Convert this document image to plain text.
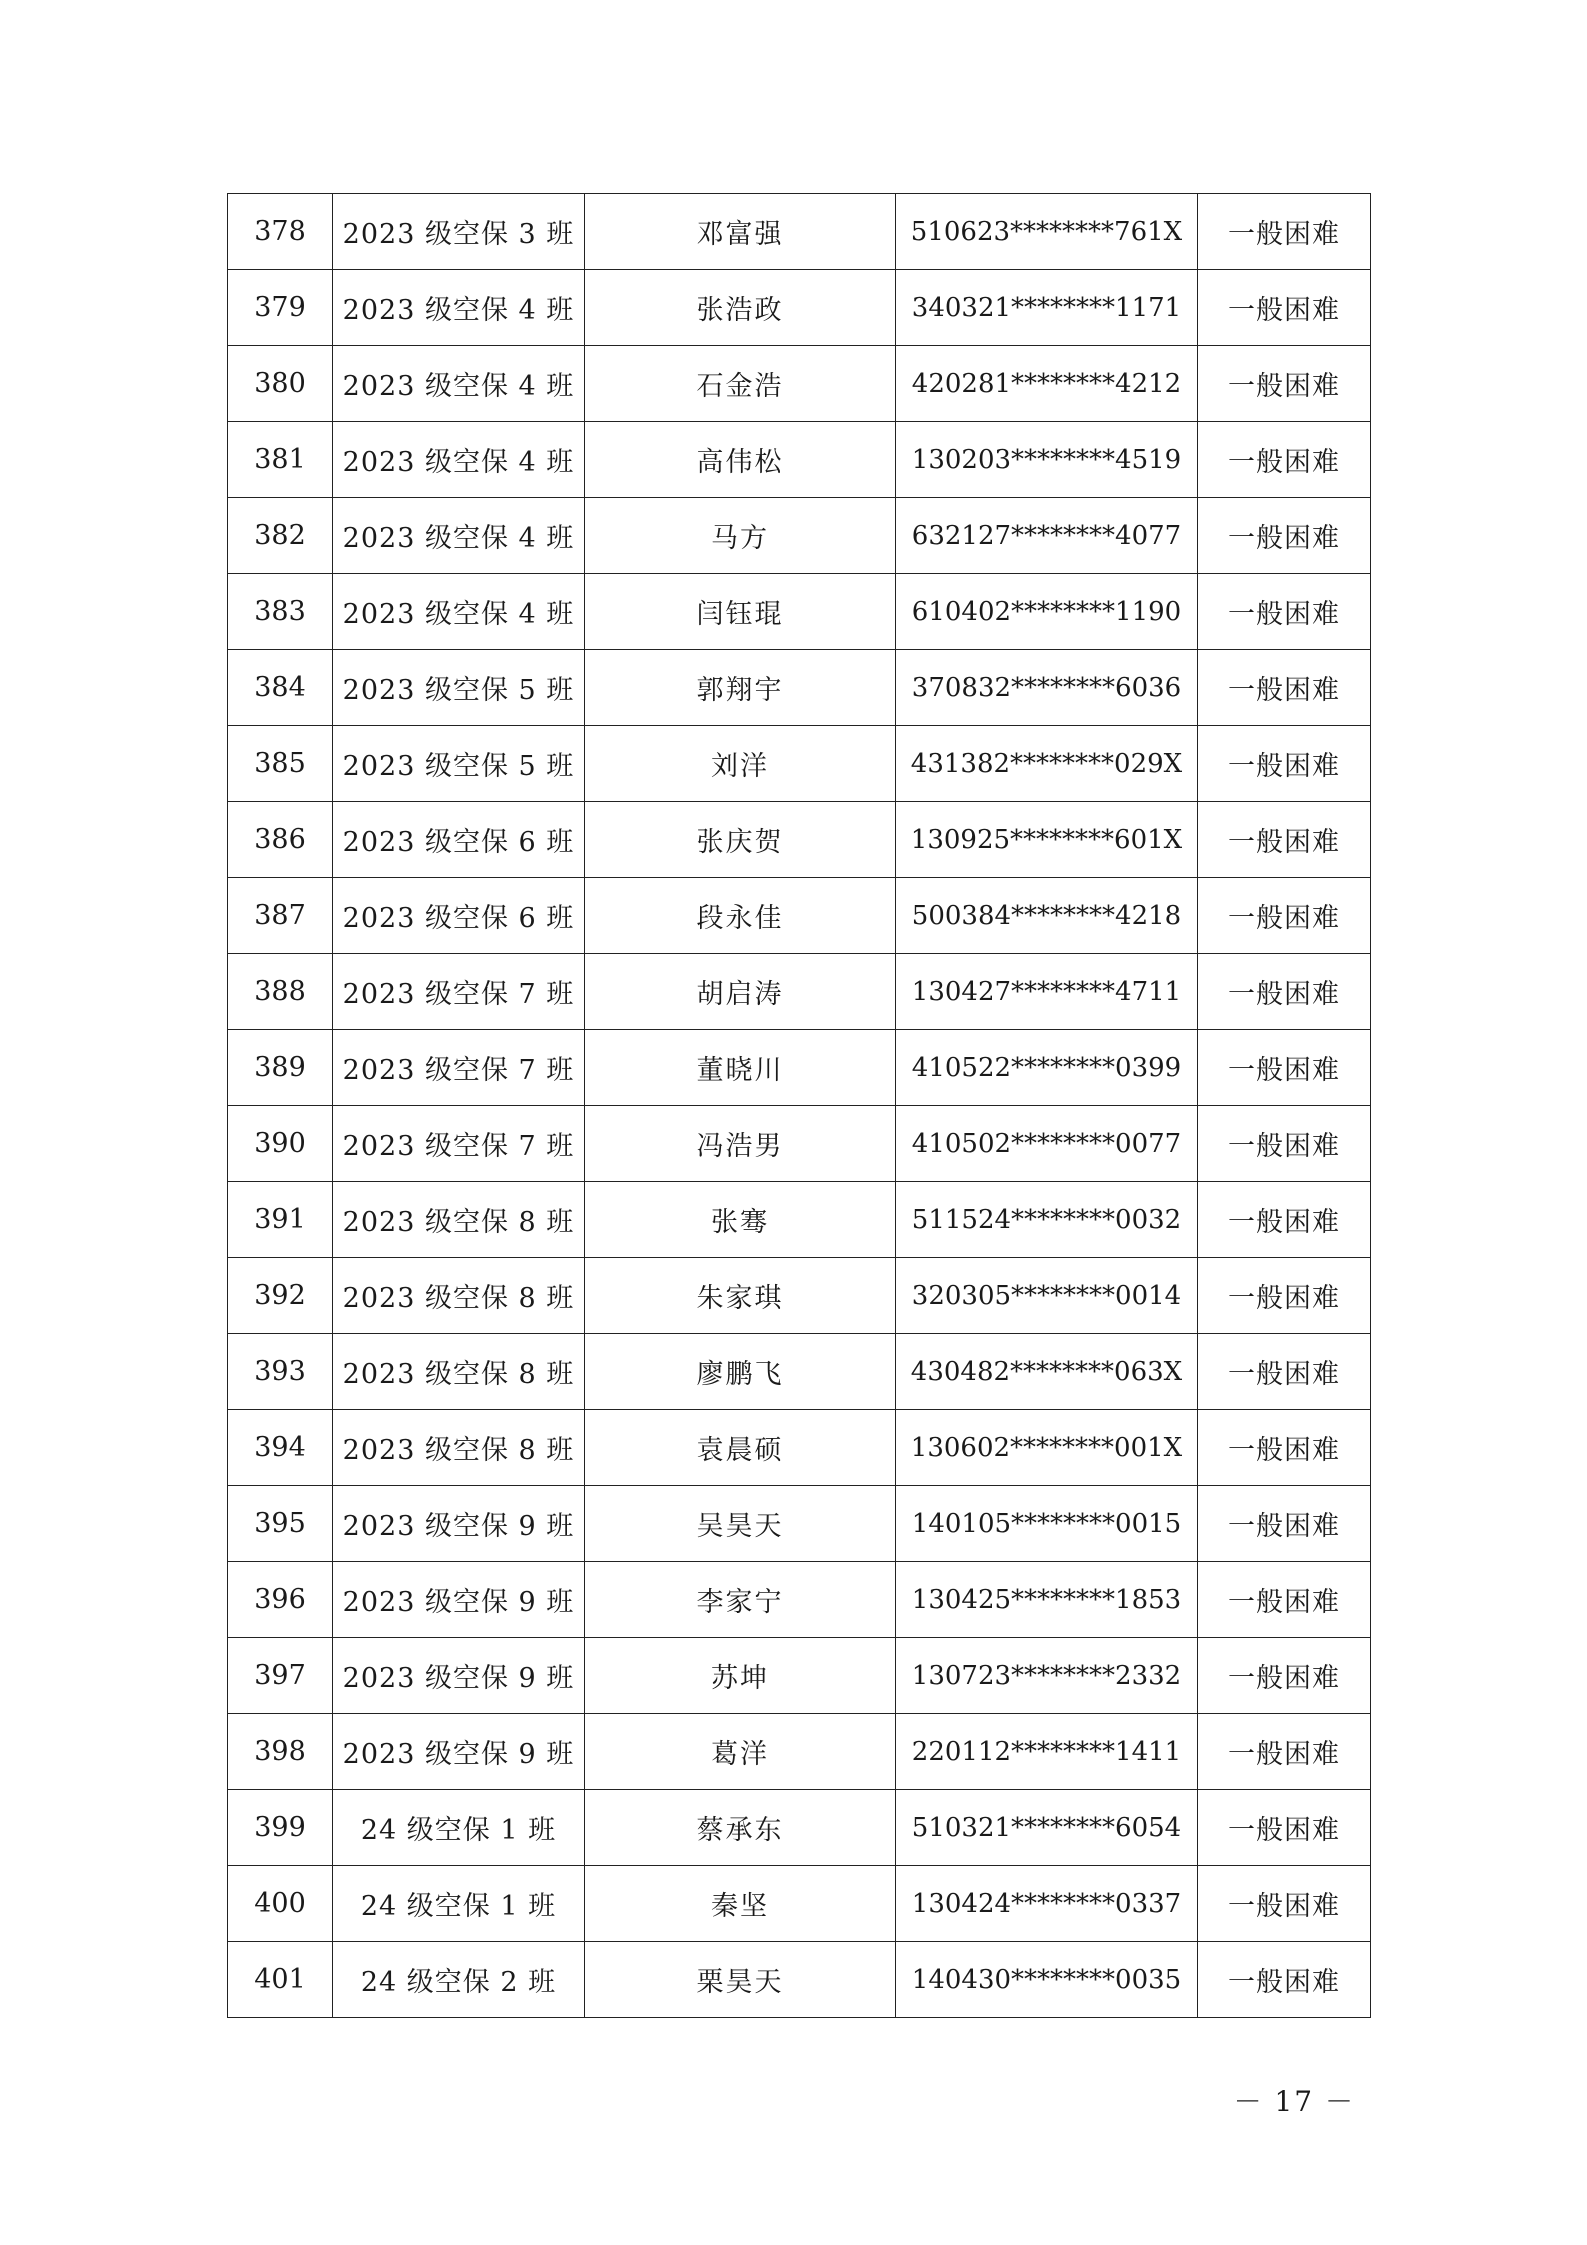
378	2023 级空保 3 班	邓富强	510623********761X	一般困难
379	2023 级空保 4 班	张浩政	340321********1171	一般困难
380	2023 级空保 4 班	石金浩	420281********4212	一般困难
381	2023 级空保 4 班	高伟松	130203********4519	一般困难
382	2023 级空保 4 班	马方	632127********4077	一般困难
383	2023 级空保 4 班	闫钰琨	610402********1190	一般困难
384	2023 级空保 5 班	郭翔宇	370832********6036	一般困难
385	2023 级空保 5 班	刘洋	431382********029X	一般困难
386	2023 级空保 6 班	张庆贺	130925********601X	一般困难
387	2023 级空保 6 班	段永佳	500384********4218	一般困难
388	2023 级空保 7 班	胡启涛	130427********4711	一般困难
389	2023 级空保 7 班	董晓川	410522********0399	一般困难
390	2023 级空保 7 班	冯浩男	410502********0077	一般困难
391	2023 级空保 8 班	张骞	511524********0032	一般困难
392	2023 级空保 8 班	朱家琪	320305********0014	一般困难
393	2023 级空保 8 班	廖鹏飞	430482********063X	一般困难
394	2023 级空保 8 班	袁晨硕	130602********001X	一般困难
395	2023 级空保 9 班	吴昊天	140105********0015	一般困难
396	2023 级空保 9 班	李家宁	130425********1853	一般困难
397	2023 级空保 9 班	苏坤	130723********2332	一般困难
398	2023 级空保 9 班	葛洋	220112********1411	一般困难
399	24 级空保 1 班	蔡承东	510321********6054	一般困难
400	24 级空保 1 班	秦坚	130424********0337	一般困难
401	24 级空保 2 班	栗昊天	140430********0035	一般困难
－ 17 －
